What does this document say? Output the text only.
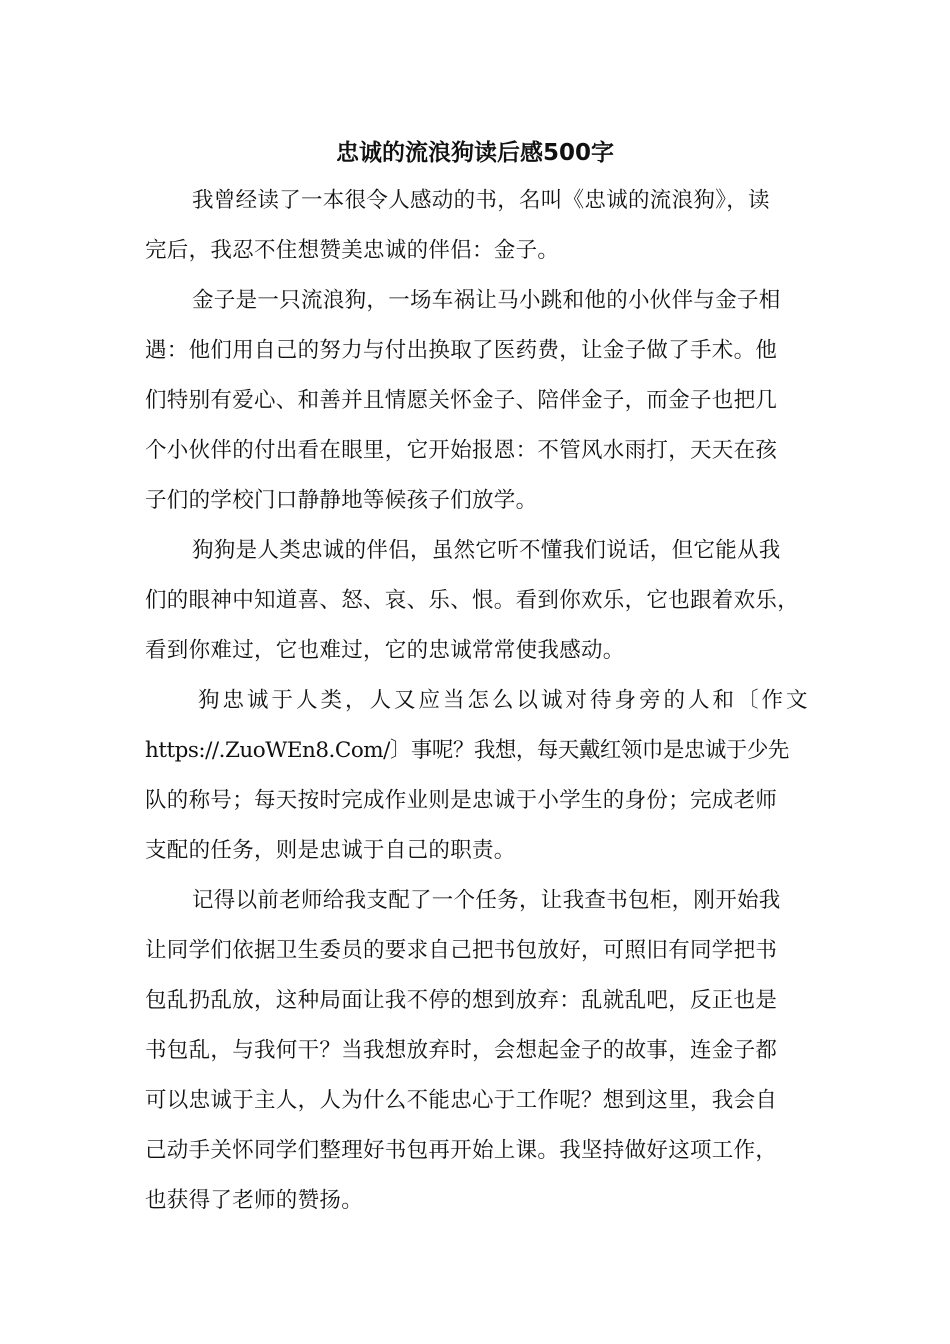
忠诚的流浪狗读后感500字
我曾经读了一本很令人感动的书，名叫《忠诚的流浪狗》，读
完后，我忍不住想赞美忠诚的伴侣：金子。
金子是一只流浪狗，一场车祸让马小跳和他的小伙伴与金子相
遇：他们用自己的努力与付出换取了医药费，让金子做了手术。他
们特别有爱心、和善并且情愿关怀金子、陪伴金子，而金子也把几
个小伙伴的付出看在眼里，它开始报恩：不管风水雨打，天天在孩
子们的学校门口静静地等候孩子们放学。
狗狗是人类忠诚的伴侣，虽然它听不懂我们说话，但它能从我
们的眼神中知道喜、怒、哀、乐、恨。看到你欢乐，它也跟着欢乐，
看到你难过，它也难过，它的忠诚常常使我感动。
狗忠诚于人类，人又应当怎么以诚对待身旁的人和〔作文
https://.ZuoWEn8.Com/〕事呢？我想，每天戴红领巾是忠诚于少先
队的称号；每天按时完成作业则是忠诚于小学生的身份；完成老师
支配的任务，则是忠诚于自己的职责。
记得以前老师给我支配了一个任务，让我查书包柜，刚开始我
让同学们依据卫生委员的要求自己把书包放好，可照旧有同学把书
包乱扔乱放，这种局面让我不停的想到放弃：乱就乱吧，反正也是
书包乱，与我何干？当我想放弃时，会想起金子的故事，连金子都
可以忠诚于主人，人为什么不能忠心于工作呢？想到这里，我会自
己动手关怀同学们整理好书包再开始上课。我坚持做好这项工作，
也获得了老师的赞扬。
